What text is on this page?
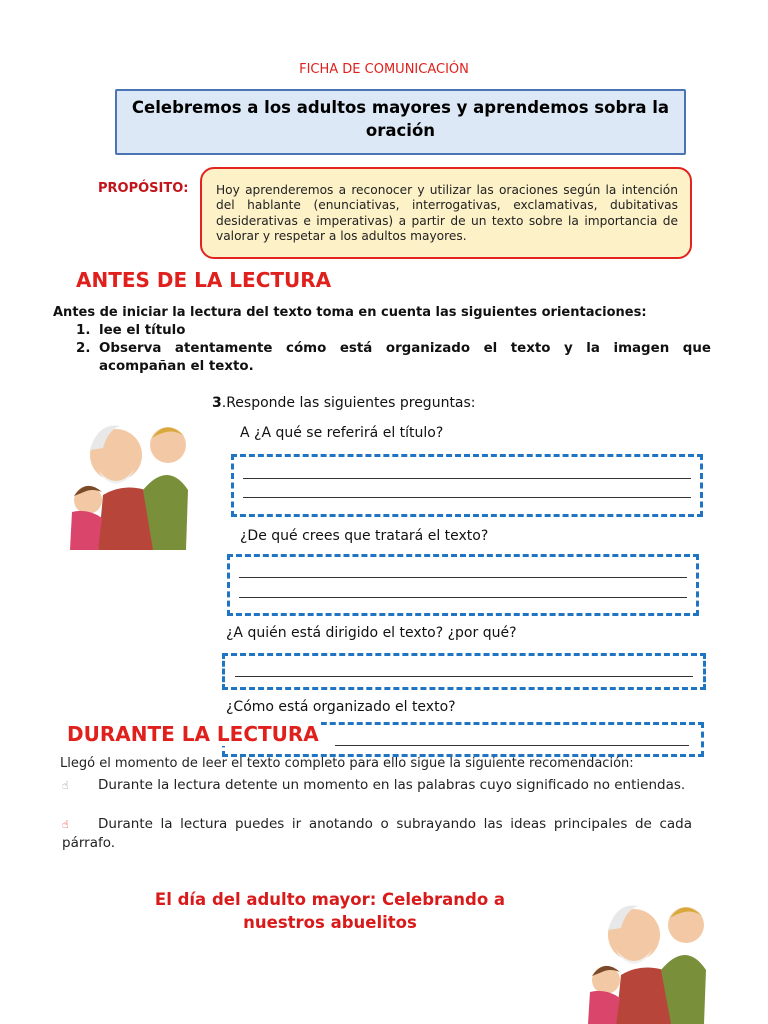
FICHA DE COMUNICACIÓN
Celebremos a los adultos mayores y aprendemos sobra la oración
PROPÓSITO:	Hoy aprenderemos a reconocer y utilizar las oraciones según la intención del hablante (enunciativas, interrogativas, exclamativas, dubitativas desiderativas e imperativas) a partir de un texto sobre la importancia de valorar y respetar a los adultos mayores.
ANTES DE LA LECTURA
Antes de iniciar la lectura del texto toma en cuenta las siguientes orientaciones:
1. lee el título
2. Observa atentamente cómo está organizado el texto y la imagen que acompañan el texto.
3.Responde las siguientes preguntas:
A ¿A qué se referirá el título?
¿De qué crees que tratará el texto?
¿A quién está dirigido el texto? ¿por qué?
¿Cómo está organizado el texto?
DURANTE LA LECTURA
Llegó el momento de leer el texto completo para ello sigue la siguiente recomendación:
☝	Durante la lectura detente un momento en las palabras cuyo significado no entiendas.
☝	Durante la lectura puedes ir anotando o subrayando las ideas principales de cada párrafo.
El día del adulto mayor: Celebrando a nuestros abuelitos
